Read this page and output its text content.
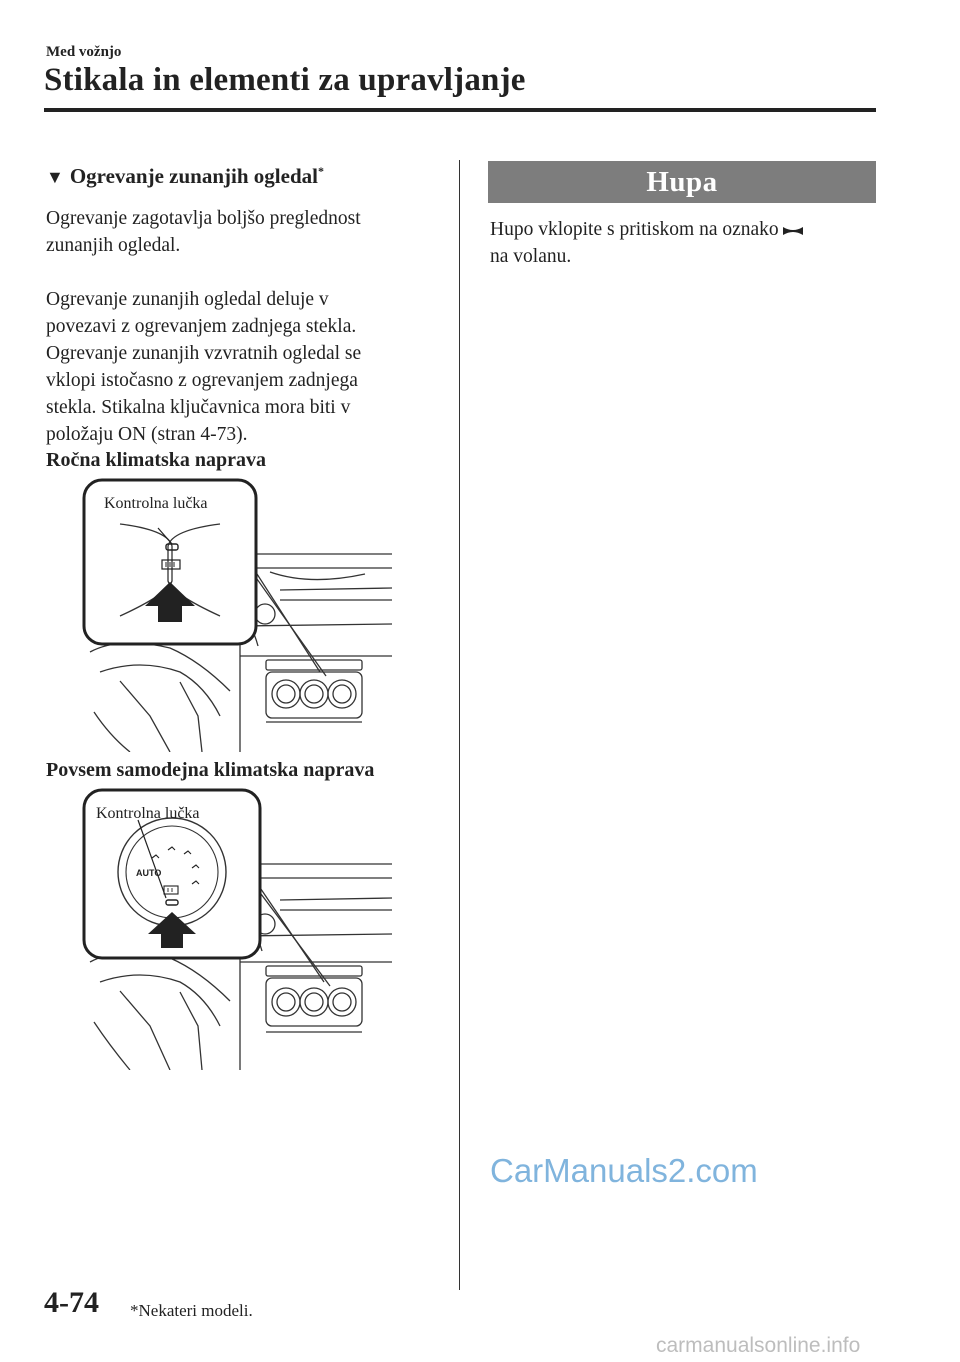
Med vožnjo
Stikala in elementi za upravljanje
▼ Ogrevanje zunanjih ogledal*
Ogrevanje zagotavlja boljšo preglednost
zunanjih ogledal.
Ogrevanje zunanjih ogledal deluje v
povezavi z ogrevanjem zadnjega stekla.
Ogrevanje zunanjih vzvratnih ogledal se
vklopi istočasno z ogrevanjem zadnjega
stekla. Stikalna ključavnica mora biti v
položaju ON (stran 4-73).
Ročna klimatska naprava
Kontrolna lučka
Povsem samodejna klimatska naprava
AUTO
Kontrolna lučka
Hupa
Hupo vklopite s pritiskom na oznako
na volanu.
CarManuals2.com
carmanualsonline.info
4-74 *Nekateri modeli.
